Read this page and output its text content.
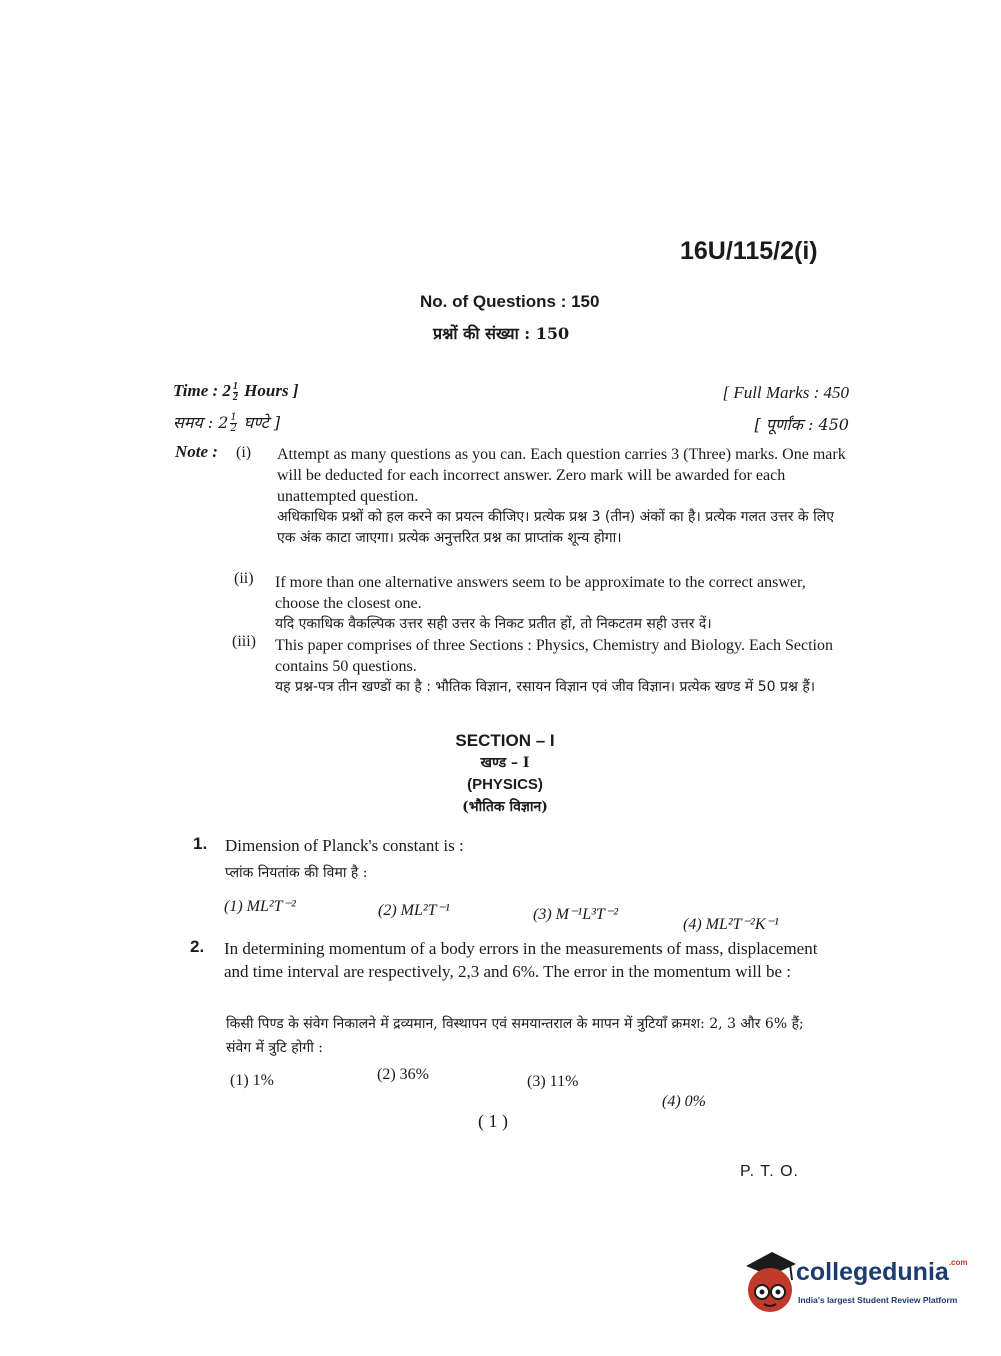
16U/115/2(i)
No. of Questions : 150
प्रश्नों की संख्या : 150
Time : $2 \frac{1}{2}$ Hours ]
समय : $2 \frac{1}{2}$ घण्टे ]
[ Full Marks : 450
[ पूर्णांक : 450
Note : (i) Attempt as many questions as you can. Each question carries 3 (Three) marks. One mark will be deducted for each incorrect answer. Zero mark will be awarded for each unattempted question.
अधिकाधिक प्रश्नों को हल करने का प्रयत्न कीजिए। प्रत्येक प्रश्न 3 (तीन) अंकों का है। प्रत्येक गलत उत्तर के लिए एक अंक काटा जाएगा। प्रत्येक अनुत्तरित प्रश्न का प्राप्तांक शून्य होगा।
(ii) If more than one alternative answers seem to be approximate to the correct answer, choose the closest one.
यदि एकाधिक वैकल्पिक उत्तर सही उत्तर के निकट प्रतीत हों, तो निकटतम सही उत्तर दें।
(iii) This paper comprises of three Sections : Physics, Chemistry and Biology. Each Section contains 50 questions.
यह प्रश्न-पत्र तीन खण्डों का है : भौतिक विज्ञान, रसायन विज्ञान एवं जीव विज्ञान। प्रत्येक खण्ड में 50 प्रश्न हैं।
SECTION – I
खण्ड – I
(PHYSICS)
(भौतिक विज्ञान)
1. Dimension of Planck's constant is :
प्लांक नियतांक की विमा है :
(1) ML²T⁻²	(2) ML²T⁻¹	(3) M⁻¹L³T⁻²
(4) ML²T⁻²K⁻¹
2. In determining momentum of a body errors in the measurements of mass, displacement and time interval are respectively, 2,3 and 6%. The error in the momentum will be :
किसी पिण्ड के संवेग निकालने में द्रव्यमान, विस्थापन एवं समयान्तराल के मापन में त्रुटियाँ क्रमश: 2, 3 और 6% हैं; संवेग में त्रुटि होगी :
(1) 1%	(2) 36%	(3) 11%
(4) 0%
( 1 )
P. T. O.
collegedunia$^{.com}$
India's largest Student Review Platform
